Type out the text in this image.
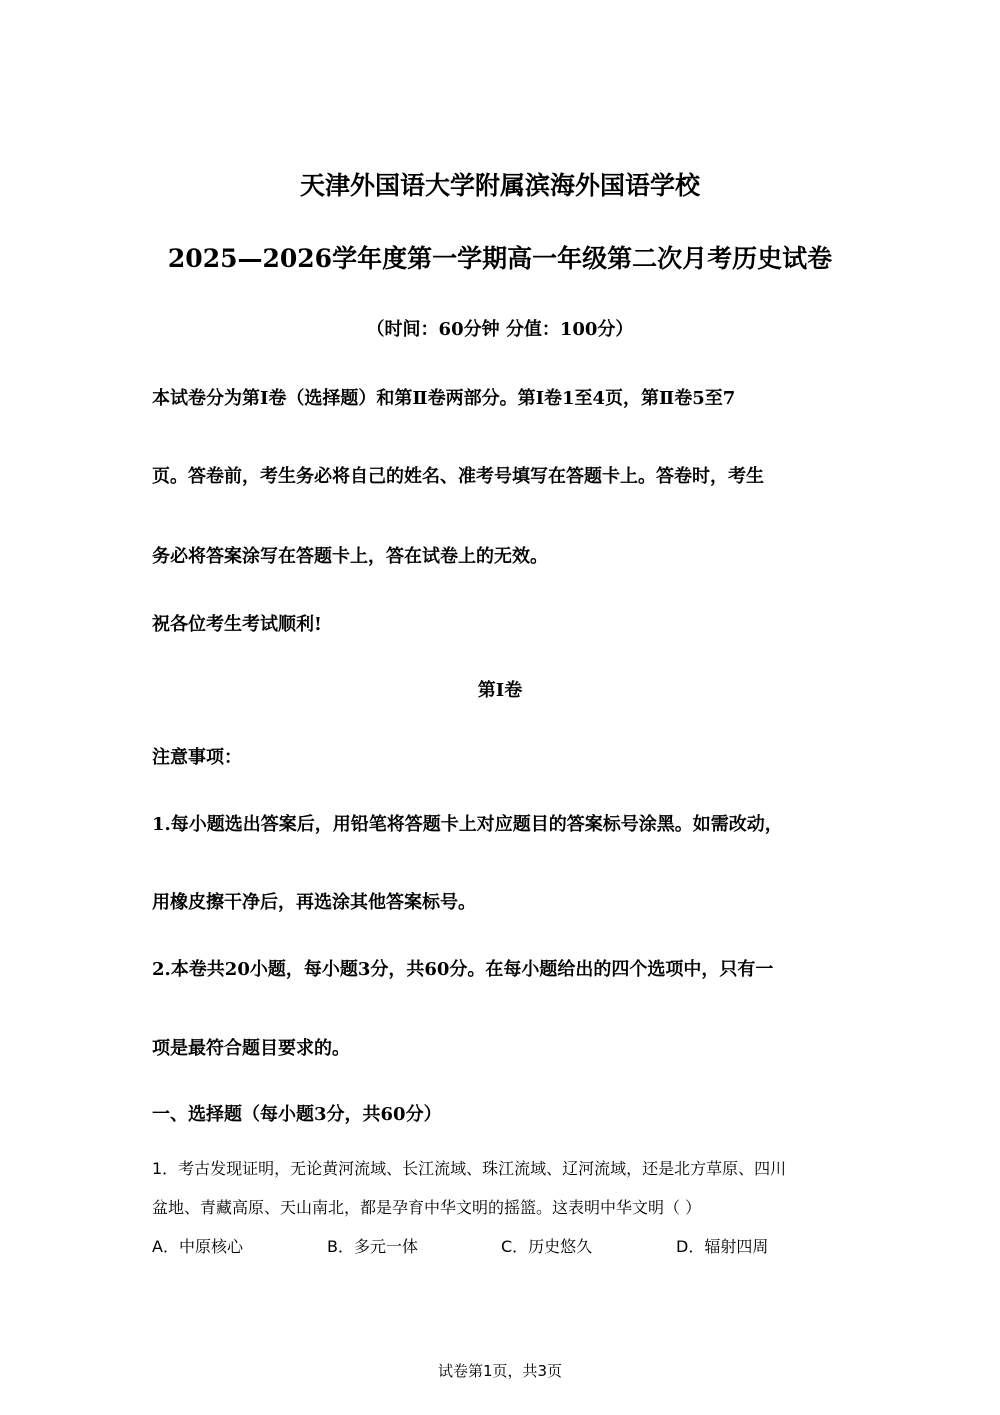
天津外国语大学附属滨海外国语学校
2025—2026学年度第一学期高一年级第二次月考历史试卷
（时间：60分钟 分值：100分）
本试卷分为第Ⅰ卷（选择题）和第Ⅱ卷两部分。第Ⅰ卷1至4页，第Ⅱ卷5至7
页。答卷前，考生务必将自己的姓名、准考号填写在答题卡上。答卷时，考生
务必将答案涂写在答题卡上，答在试卷上的无效。
祝各位考生考试顺利!
第Ⅰ卷
注意事项：
1.每小题选出答案后，用铅笔将答题卡上对应题目的答案标号涂黑。如需改动，
用橡皮擦干净后，再选涂其他答案标号。
2.本卷共20小题，每小题3分，共60分。在每小题给出的四个选项中，只有一
项是最符合题目要求的。
一、选择题（每小题3分，共60分）
1．考古发现证明，无论黄河流域、长江流域、珠江流域、辽河流域，还是北方草原、四川
盆地、青藏高原、天山南北，都是孕育中华文明的摇篮。这表明中华文明（ ）
A．中原核心	B．多元一体	C．历史悠久	D．辐射四周
试卷第1页，共3页
